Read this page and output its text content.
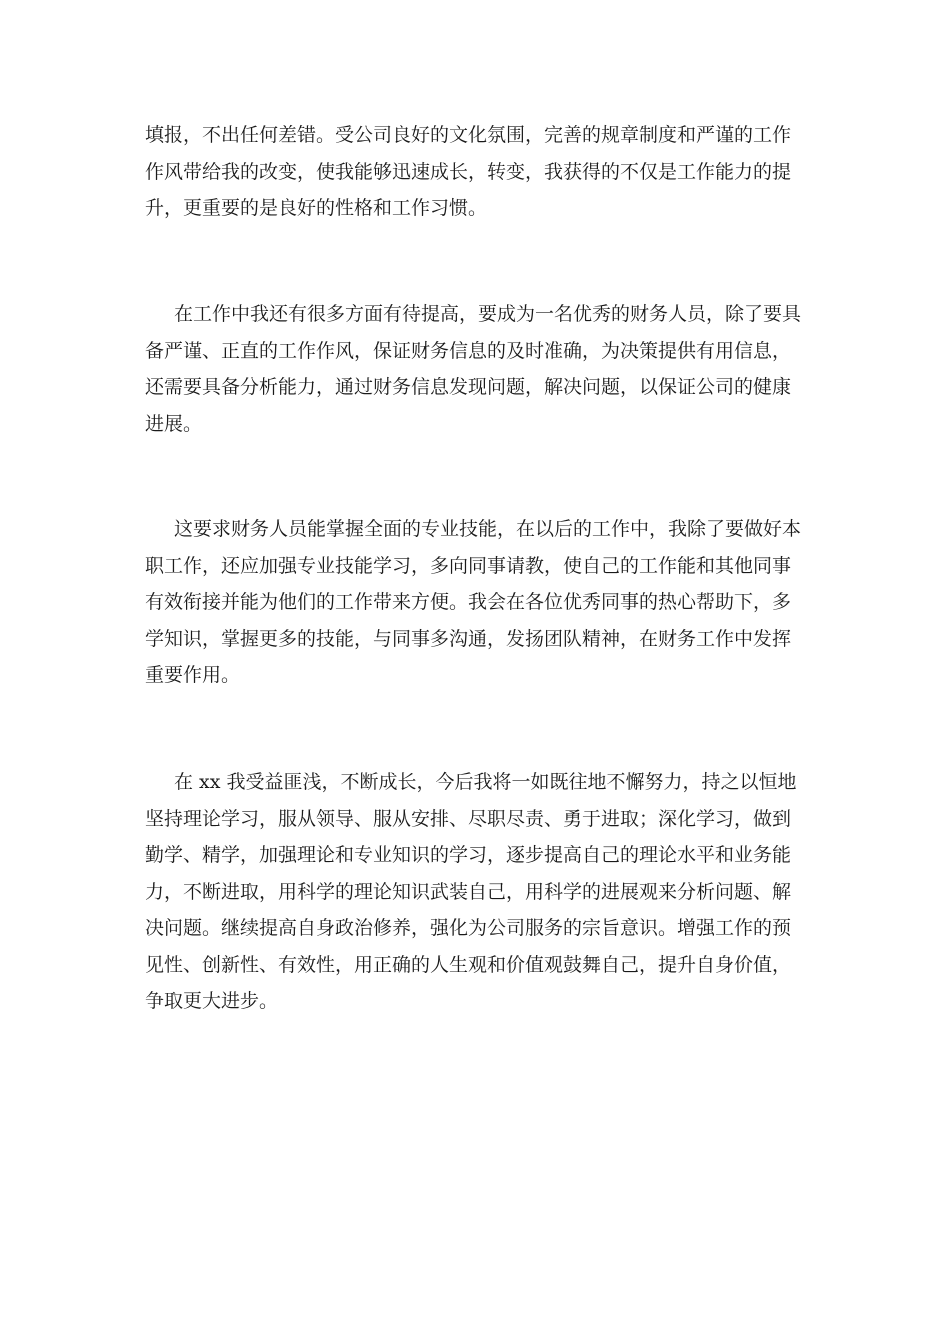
填报，不出任何差错。受公司良好的文化氛围，完善的规章制度和严谨的工作
作风带给我的改变，使我能够迅速成长，转变，我获得的不仅是工作能力的提
升，更重要的是良好的性格和工作习惯。
在工作中我还有很多方面有待提高，要成为一名优秀的财务人员，除了要具
备严谨、正直的工作作风，保证财务信息的及时准确，为决策提供有用信息，
还需要具备分析能力，通过财务信息发现问题，解决问题，以保证公司的健康
进展。
这要求财务人员能掌握全面的专业技能，在以后的工作中，我除了要做好本
职工作，还应加强专业技能学习，多向同事请教，使自己的工作能和其他同事
有效衔接并能为他们的工作带来方便。我会在各位优秀同事的热心帮助下，多
学知识，掌握更多的技能，与同事多沟通，发扬团队精神，在财务工作中发挥
重要作用。
在 xx 我受益匪浅，不断成长，今后我将一如既往地不懈努力，持之以恒地
坚持理论学习，服从领导、服从安排、尽职尽责、勇于进取；深化学习，做到
勤学、精学，加强理论和专业知识的学习，逐步提高自己的理论水平和业务能
力，不断进取，用科学的理论知识武装自己，用科学的进展观来分析问题、解
决问题。继续提高自身政治修养，强化为公司服务的宗旨意识。增强工作的预
见性、创新性、有效性，用正确的人生观和价值观鼓舞自己，提升自身价值，
争取更大进步。
